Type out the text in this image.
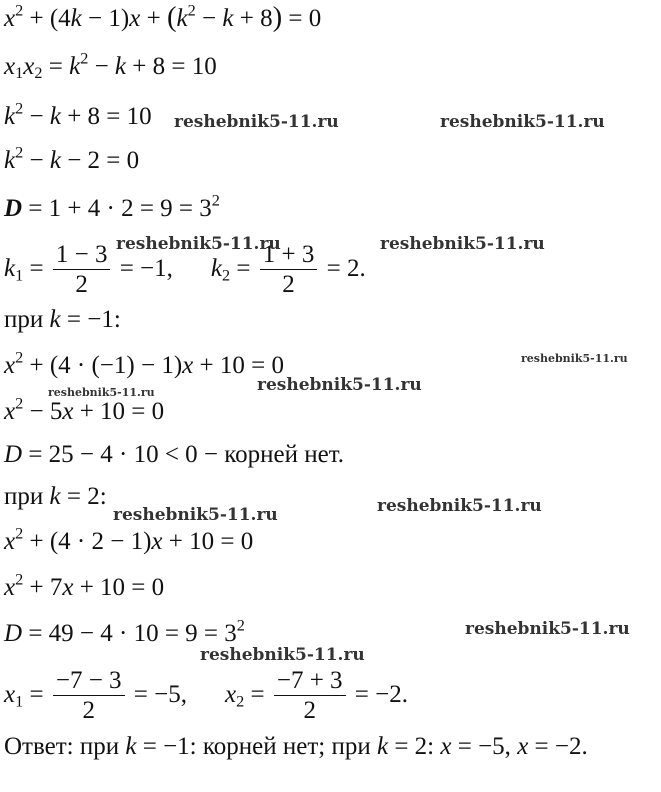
$x^2 + (4k - 1)x + (k^2 - k + 8) = 0$
$x_1x_2 = k^2 - k + 8 = 10$
$k^2 - k + 8 = 10$
$k^2 - k - 2 = 0$
$D = 1 + 4 \cdot 2 = 9 = 3^2$
$k_1 = \frac{1 - 3}{2} = -1$, $k_2 = \frac{1 + 3}{2} = 2$.
при k = −1:
$x^2 + (4 \cdot (-1) - 1)x + 10 = 0$
$x^2 - 5x + 10 = 0$
D = 25 − 4 · 10 < 0 − корней нет.
при k = 2:
$x^2 + (4 \cdot 2 - 1)x + 10 = 0$
$x^2 + 7x + 10 = 0$
$D = 49 - 4 \cdot 10 = 9 = 3^2$
$x_1 = \frac{-7 - 3}{2} = -5$, $x_2 = \frac{-7 + 3}{2} = -2$.
Ответ: при k = −1: корней нет; при k = 2: x = −5, x = −2.
reshebnik5-11.ru	reshebnik5-11.ru
reshebnik5-11.ru	reshebnik5-11.ru
reshebnik5-11.ru
reshebnik5-11.ru
reshebnik5-11.ru
reshebnik5-11.ru
reshebnik5-11.ru
reshebnik5-11.ru
reshebnik5-11.ru
